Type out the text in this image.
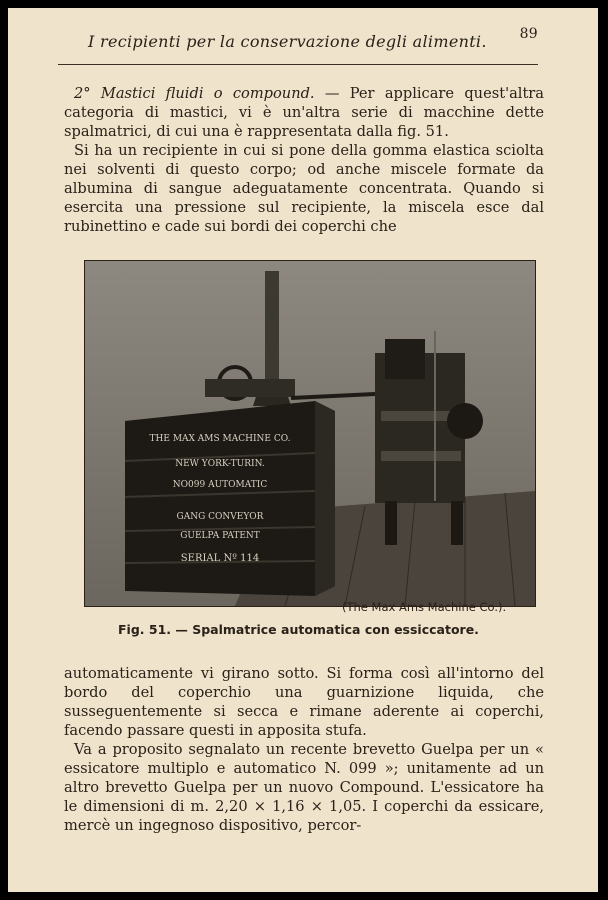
I recipienti per la conservazione degli alimenti. 89

2° Mastici fluidi o compound. — Per applicare quest'altra categoria di mastici, vi è un'altra serie di macchine dette spalmatrici, di cui una è rappresentata dalla fig. 51.

Si ha un recipiente in cui si pone della gomma elastica sciolta nei solventi di questo corpo; od anche miscele formate da albumina di sangue adeguatamente concentrata. Quando si esercita una pressione sul recipiente, la miscela esce dal rubinettino e cade sui bordi dei coperchi che

THE MAX AMS MACHINE CO.
NEW YORK-TURIN.
NO099 AUTOMATIC
GANG CONVEYOR
GUELPA PATENT
SERIAL Nº 114
(The Max Ams Machine Co.).
Fig. 51. — Spalmatrice automatica con essiccatore.

automaticamente vi girano sotto. Si forma così all'intorno del bordo del coperchio una guarnizione liquida, che susseguentemente si secca e rimane aderente ai coperchi, facendo passare questi in apposita stufa.

Va a proposito segnalato un recente brevetto Guelpa per un « essicatore multiplo e automatico N. 099 »; unitamente ad un altro brevetto Guelpa per un nuovo Compound. L'essicatore ha le dimensioni di m. 2,20 × 1,16 × 1,05. I coperchi da essicare, mercè un ingegnoso dispositivo, percor-
